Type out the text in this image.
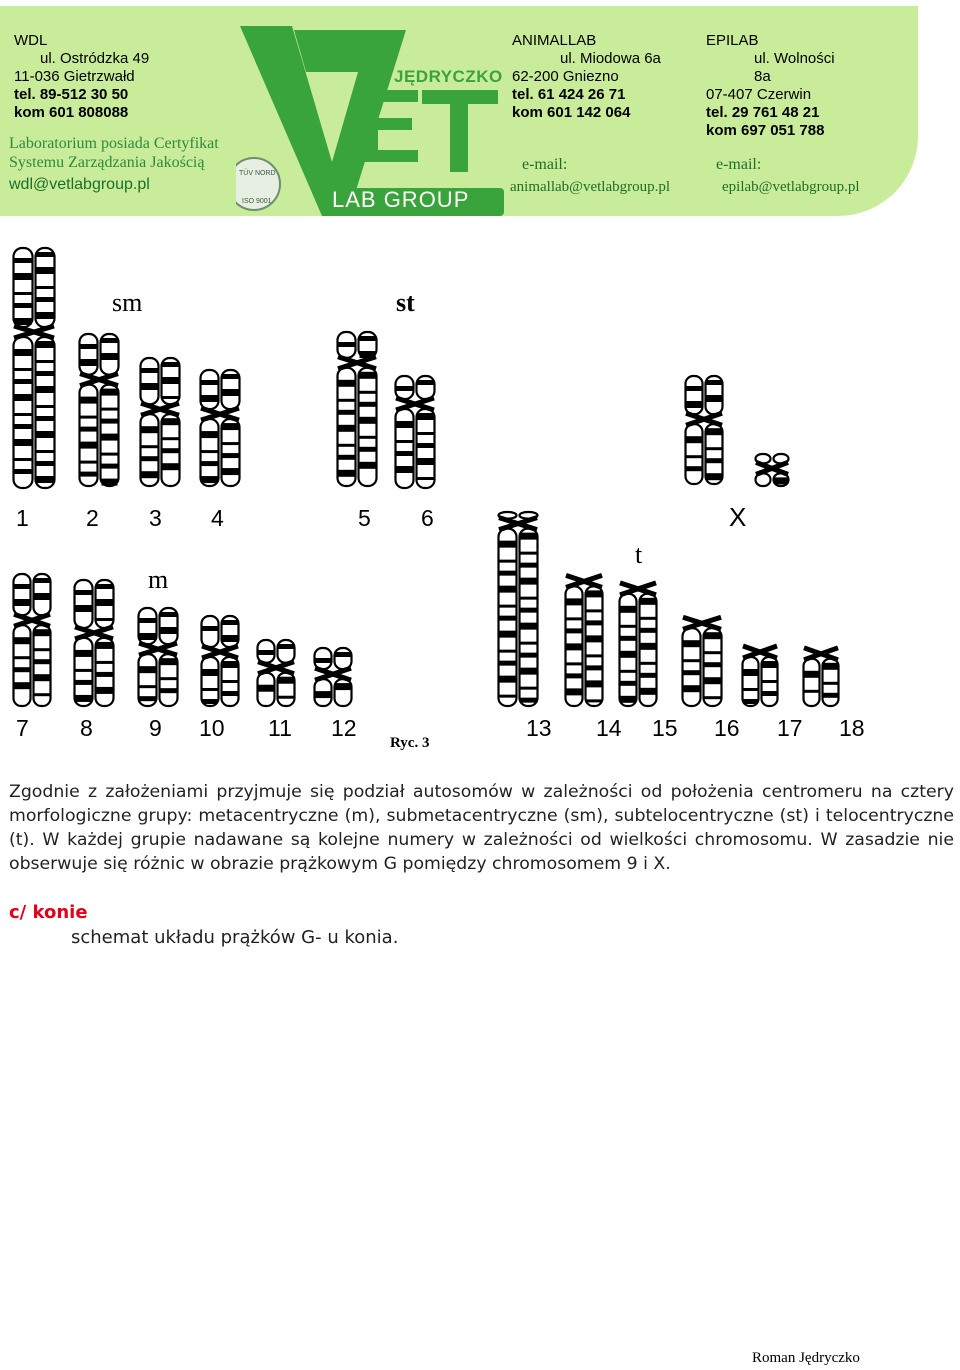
WDL
ul. Ostródzka 49
11-036 Gietrzwałd
tel. 89-512 30 50
kom 601 808088
Laboratorium posiada Certyfikat
Systemu Zarządzania Jakością
wdl@vetlabgroup.pl
JĘDRYCZKO
LAB GROUP
TÜV NORD
ISO 9001
ANIMALLAB
ul. Miodowa 6a
62-200 Gniezno
tel. 61 424 26 71
kom 601 142 064
e-mail:
animallab@vetlabgroup.pl
EPILAB
ul. Wolności
8a
07-407 Czerwin
tel. 29 761 48 21
kom 697 051 788
e-mail:
epilab@vetlabgroup.pl
sm	st
m
t
X
1 2 3 4	5 6
7 8 9 10 11 12	13 14 15 16 17 18
Ryc. 3

Zgodnie z założeniami przyjmuje się podział autosomów w zależności od położenia centromeru na cztery morfologiczne grupy: metacentryczne (m), submetacentryczne (sm), subtelocentryczne (st) i telocentryczne (t). W każdej grupie nadawane są kolejne numery w zależności od wielkości chromosomu. W zasadzie nie obserwuje się różnic w obrazie prążkowym G pomiędzy chromosomem 9 i X.

c/ konie
schemat układu prążków G- u konia.
Roman Jędryczko
